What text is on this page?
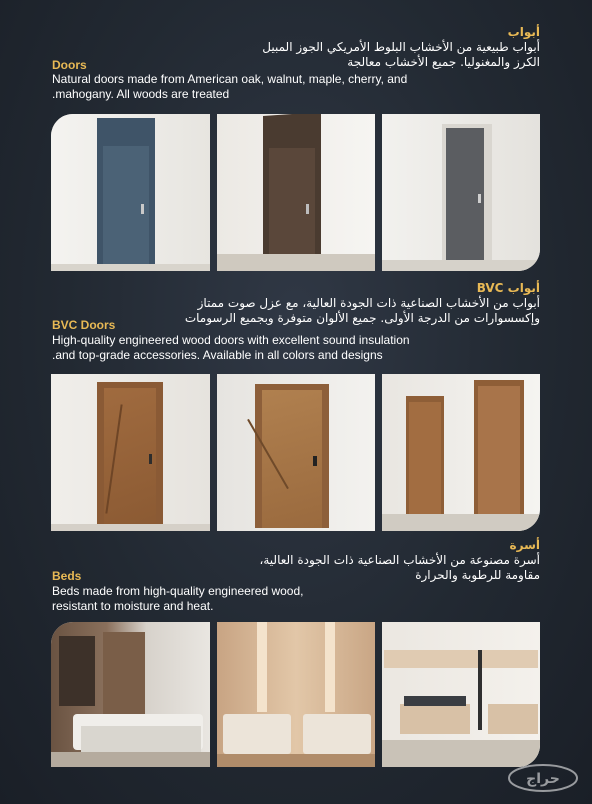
أبواب
أبواب طبيعية من الأخشاب البلوط الأمريكي الجوز المبيل
الكرز والمغنوليا. جميع الأخشاب معالجة
Doors
Natural doors made from American oak, walnut, maple, cherry, and
.mahogany. All woods are treated
أبواب BVC
أبواب من الأخشاب الصناعية ذات الجودة العالية، مع عزل صوت ممتاز
وإكسسوارات من الدرجة الأولى. جميع الألوان متوفرة وبجميع الرسومات
BVC Doors
High-quality engineered wood doors with excellent sound insulation
.and top-grade accessories. Available in all colors and designs
أسرة
أسرة مصنوعة من الأخشاب الصناعية ذات الجودة العالية،
مقاومة للرطوبة والحرارة
Beds
Beds made from high-quality engineered wood,
resistant to moisture and heat.
حراج
